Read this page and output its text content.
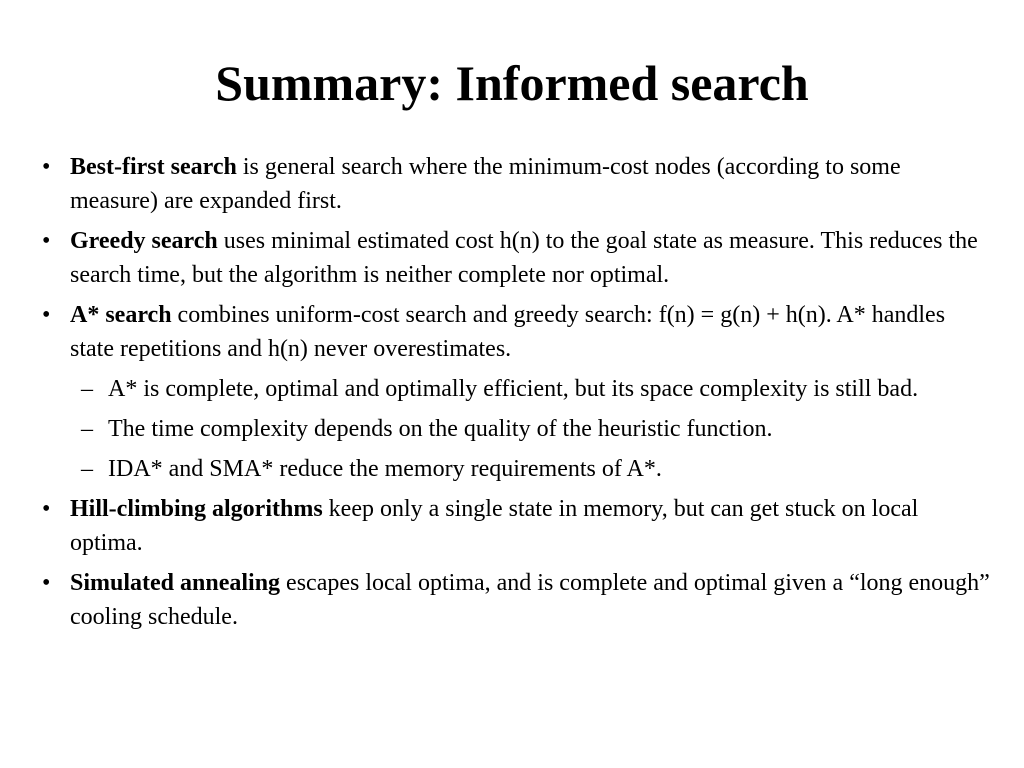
Summary: Informed search
• Best-first search is general search where the minimum-cost nodes (according to some measure) are expanded first.
• Greedy search uses minimal estimated cost h(n) to the goal state as measure. This reduces the search time, but the algorithm is neither complete nor optimal.
• A* search combines uniform-cost search and greedy search: f(n) = g(n) + h(n). A* handles state repetitions and h(n) never overestimates.
– A* is complete, optimal and optimally efficient, but its space complexity is still bad.
– The time complexity depends on the quality of the heuristic function.
– IDA* and SMA* reduce the memory requirements of A*.
• Hill-climbing algorithms keep only a single state in memory, but can get stuck on local optima.
• Simulated annealing escapes local optima, and is complete and optimal given a “long enough” cooling schedule.
